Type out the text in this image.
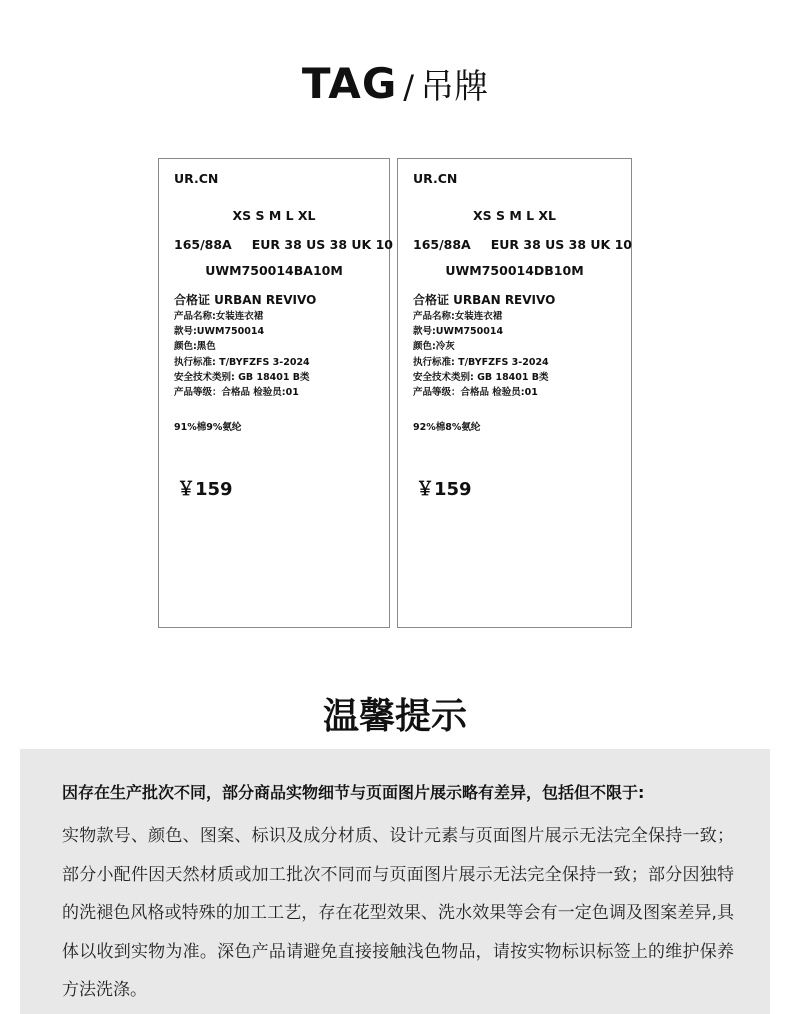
TAG / 吊牌
UR.CN
XS S M L XL
165/88A EUR 38 US 38 UK 10
UWM750014BA10M
合格证 URBAN REVIVO
产品名称:女装连衣裙
款号:UWM750014
颜色:黑色
执行标准: T/BYFZFS 3-2024
安全技术类别: GB 18401 B类
产品等级：合格品 检验员:01
91%棉9%氨纶
￥159
UR.CN
XS S M L XL
165/88A EUR 38 US 38 UK 10
UWM750014DB10M
合格证 URBAN REVIVO
产品名称:女装连衣裙
款号:UWM750014
颜色:冷灰
执行标准: T/BYFZFS 3-2024
安全技术类别: GB 18401 B类
产品等级：合格品 检验员:01
92%棉8%氨纶
￥159
温馨提示
因存在生产批次不同，部分商品实物细节与页面图片展示略有差异，包括但不限于:
实物款号、颜色、图案、标识及成分材质、设计元素与页面图片展示无法完全保持一致；部分小配件因天然材质或加工批次不同而与页面图片展示无法完全保持一致；部分因独特的洗褪色风格或特殊的加工工艺，存在花型效果、洗水效果等会有一定色调及图案差异,具体以收到实物为准。深色产品请避免直接接触浅色物品，请按实物标识标签上的维护保养方法洗涤。
